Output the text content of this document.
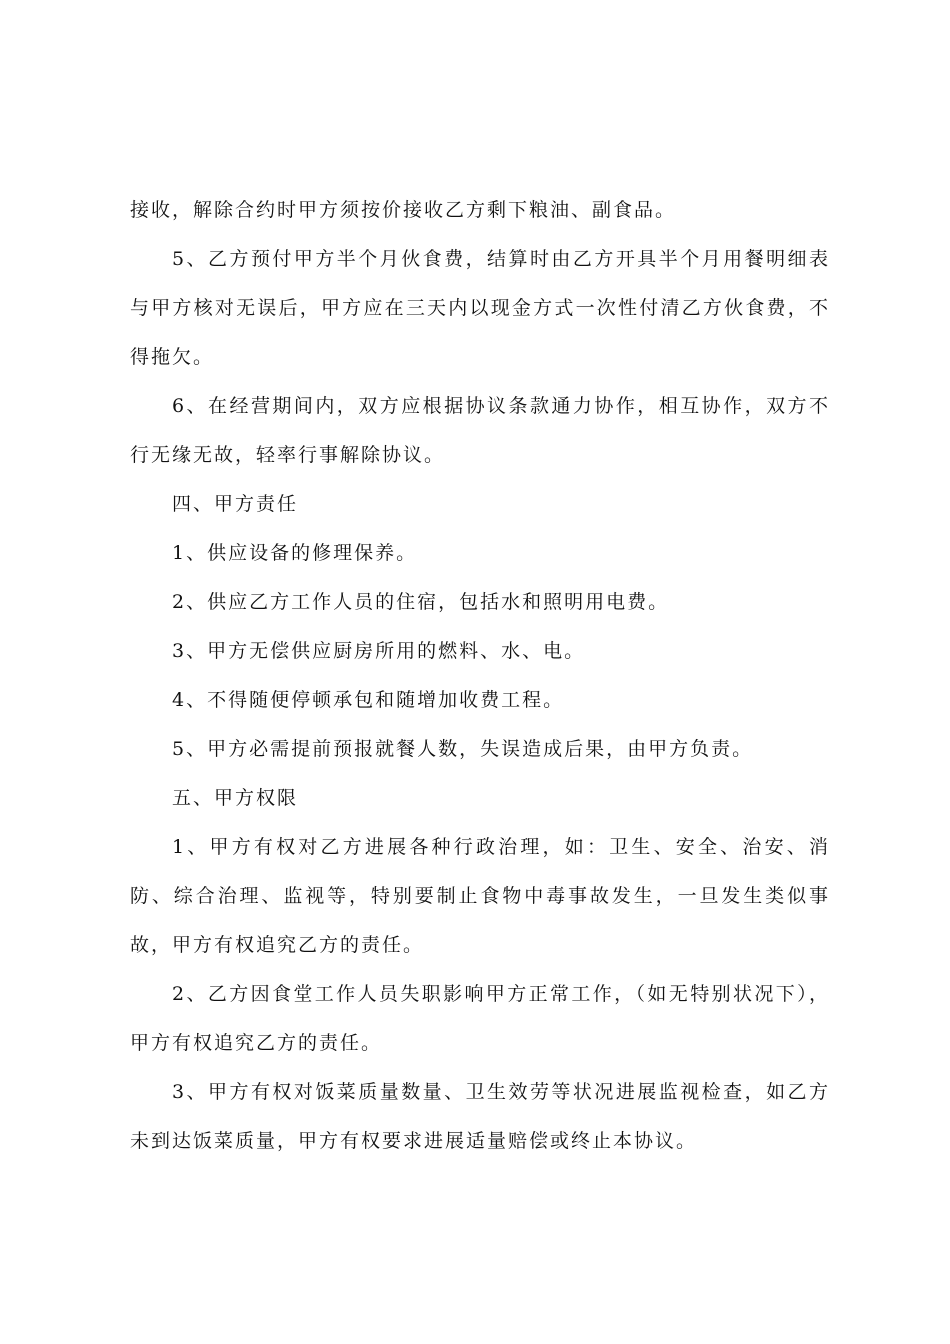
接收，解除合约时甲方须按价接收乙方剩下粮油、副食品。

5、乙方预付甲方半个月伙食费，结算时由乙方开具半个月用餐明细表与甲方核对无误后，甲方应在三天内以现金方式一次性付清乙方伙食费，不得拖欠。

6、在经营期间内，双方应根据协议条款通力协作，相互协作，双方不行无缘无故，轻率行事解除协议。

四、甲方责任

1、供应设备的修理保养。

2、供应乙方工作人员的住宿，包括水和照明用电费。

3、甲方无偿供应厨房所用的燃料、水、电。

4、不得随便停顿承包和随增加收费工程。

5、甲方必需提前预报就餐人数，失误造成后果，由甲方负责。

五、甲方权限

1、甲方有权对乙方进展各种行政治理，如：卫生、安全、治安、消防、综合治理、监视等，特别要制止食物中毒事故发生，一旦发生类似事故，甲方有权追究乙方的责任。

2、乙方因食堂工作人员失职影响甲方正常工作，（如无特别状况下），甲方有权追究乙方的责任。

3、甲方有权对饭菜质量数量、卫生效劳等状况进展监视检查，如乙方未到达饭菜质量，甲方有权要求进展适量赔偿或终止本协议。
